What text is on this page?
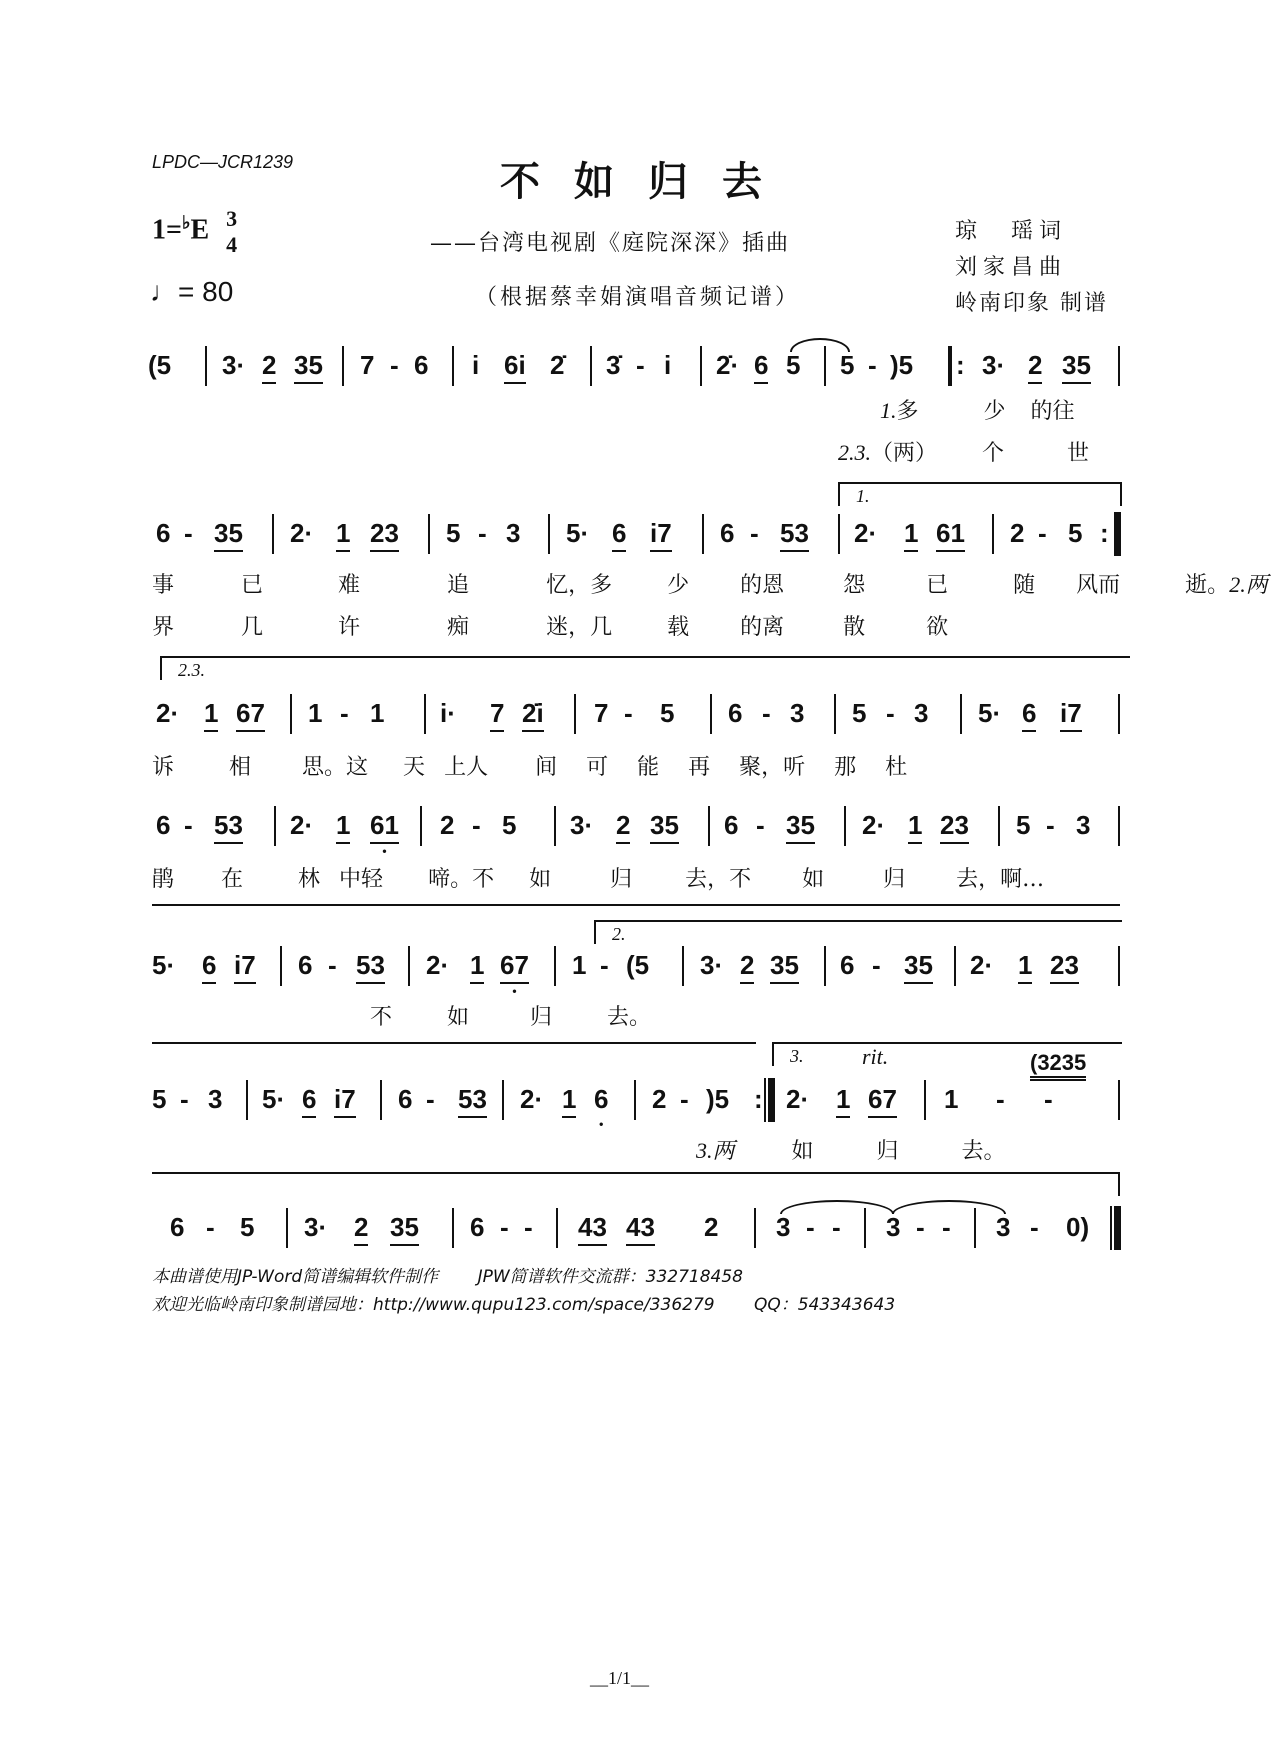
LPDC—JCR1239	不如归去
——台湾电视剧《庭院深深》插曲
（根据蔡幸娟演唱音频记谱）
琼　瑶词
刘家昌曲
岭南印象 制谱
1=♭E 3
4
♩= 80
(5 3· 2 35 7 - 6 i 6i 2̇ 3̇ - i 2̇· 6 5 5 - )5 : 3· 2 35
1.多	少 的往
2.3.（两） 个	世
1.
6 - 35 2· 1 23 5 - 3 5· 6 i7 6 - 53 2· 1 61 2 - 5 :
事	已	难	追	忆，多	少 的恩	怨	已	随 风而	逝。2.两
界	几	许	痴	迷，几	载 的离	散	欲
2.3.
2· 1 67 1 - 1 i· 7 2̇i 7 - 5 6 - 3 5 - 3 5· 6 i7
诉	相 思。这 天 上人 间 可 能 再 聚，听 那 杜
6 - 53 2· 1 61 • 2 - 5 3· 2 35 6 - 35 2· 1 23 5 - 3
鹃 在	林 中轻 啼。不 如	归 去，不 如	归 去，啊…
2.
5· 6 i7 6 - 53 2· 1 67 • 1 - (5 3· 2 35 6 - 35 2· 1 23
不	如	归	去。
3.	rit.	(3235
5 - 3 5· 6 i7 6 - 53 2· 1 6 • 2 - )5 : 2· 1 67 1 - -
3.两	如	归	去。
6 - 5 3· 2 35 6 - - 43 43 2 3 - - 3 - - 3 - 0)
本曲谱使用JP-Word简谱编辑软件制作 JPW简谱软件交流群：332718458
欢迎光临岭南印象制谱园地：http://www.qupu123.com/space/336279 QQ：543343643
__1/1__
